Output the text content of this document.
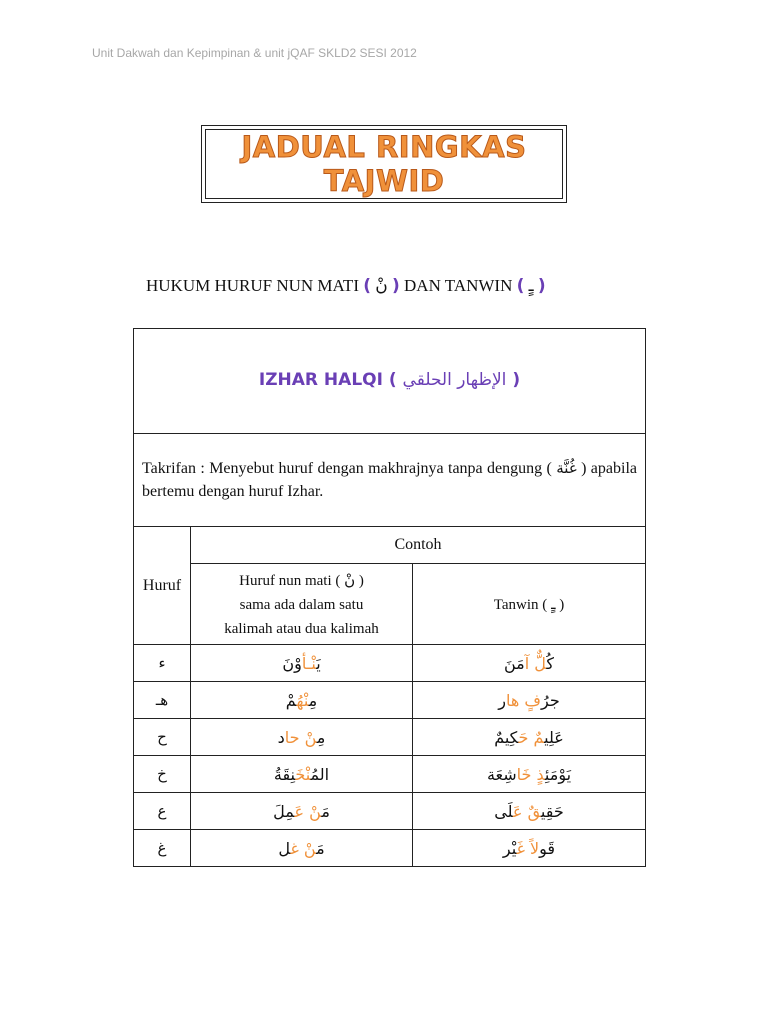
Unit Dakwah dan Kepimpinan & unit jQAF SKLD2 SESI 2012
JADUAL RINGKAS
TAJWID
HUKUM HURUF NUN MATI ( نْ ) DAN TANWIN ( ـٍ )
IZHAR HALQI ( الإظهار الحلقي )		

Takrifan : Menyebut huruf dengan makhrajnya tanpa dengung ( غُنَّة ) apabila bertemu dengan huruf Izhar.		

Huruf	Contoh	

	Huruf nun mati ( نْ )
sama ada dalam satu
kalimah atau dua kalimah	Tanwin ( ـٍ )
ء	يَنْـأوْنَ	كُلٌّ آمَنَ
هـ	مِنْهُمْ	جرُفٍ هار
ح	مِنْ حاد	عَلِيمٌ حَكِيمٌ
خ	المُنْخَنِقَةُ	يَوْمَئِذٍ خَاشِعَة
ع	مَنْ عَمِلَ	حَقِيقٌ عَلَى
غ	مَنْ غل	قَولاً غَيْر
